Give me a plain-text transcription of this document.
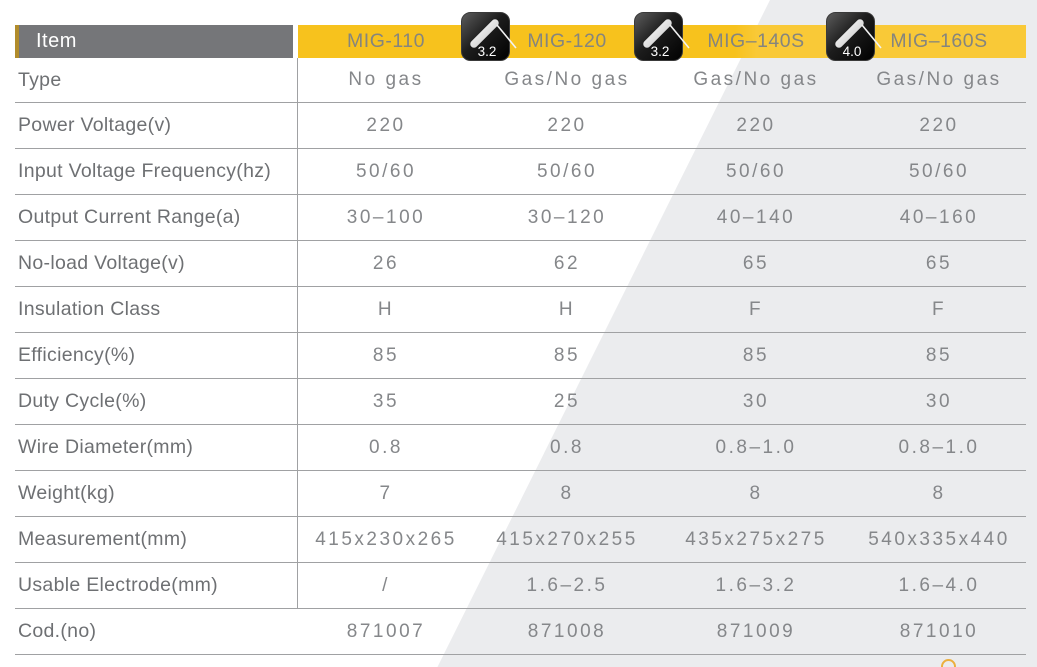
Item	MIG-110	MIG-120	MIG–140S	MIG–160S
Type	No gas	Gas/No gas	Gas/No gas	Gas/No gas
Power Voltage(v)	220	220	220	220
Input Voltage Frequency(hz)	50/60	50/60	50/60	50/60
Output Current Range(a)	30–100	30–120	40–140	40–160
No-load Voltage(v)	26	62	65	65
Insulation Class	H	H	F	F
Efficiency(%)	85	85	85	85
Duty Cycle(%)	35	25	30	30
Wire Diameter(mm)	0.8	0.8	0.8–1.0	0.8–1.0
Weight(kg)	7	8	8	8
Measurement(mm)	415x230x265	415x270x255	435x275x275	540x335x440
Usable Electrode(mm)	/	1.6–2.5	1.6–3.2	1.6–4.0
Cod.(no)	871007	871008	871009	871010
3.2	3.2	4.0
